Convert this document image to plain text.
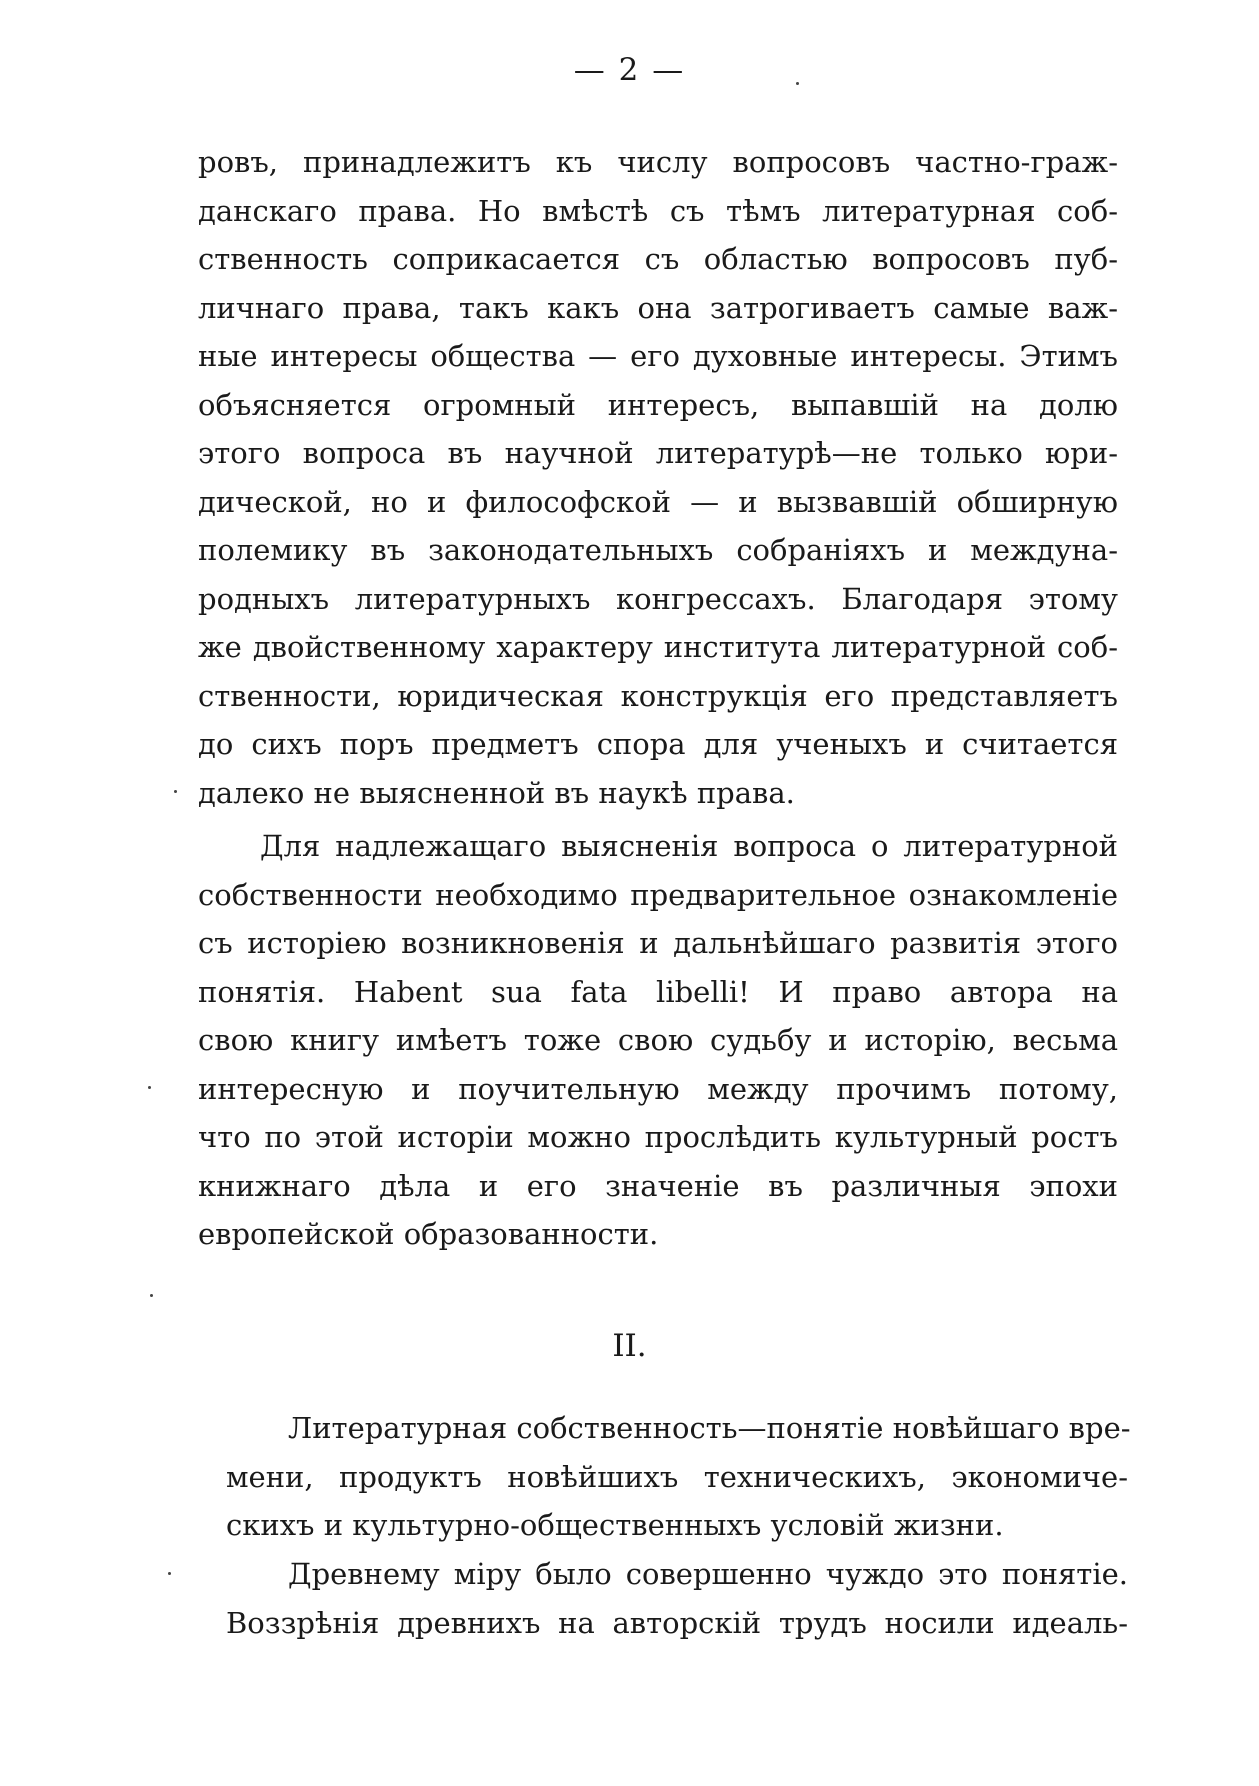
— 2 —
ровъ, принадлежитъ къ числу вопросовъ частно-граж-
данскаго права. Но вмѣстѣ съ тѣмъ литературная соб-
ственность соприкасается съ областью вопросовъ пуб-
личнаго права, такъ какъ она затрогиваетъ самые важ-
ные интересы общества — его духовные интересы. Этимъ
объясняется огромный интересъ, выпавшій на долю
этого вопроса въ научной литературѣ—не только юри-
дической, но и философской — и вызвавшій обширную
полемику въ законодательныхъ собраніяхъ и междуна-
родныхъ литературныхъ конгрессахъ. Благодаря этому
же двойственному характеру института литературной соб-
ственности, юридическая конструкція его представляетъ
до сихъ поръ предметъ спора для ученыхъ и считается
далеко не выясненной въ наукѣ права.
Для надлежащаго выясненія вопроса о литературной
собственности необходимо предварительное ознакомленіе
съ исторіею возникновенія и дальнѣйшаго развитія этого
понятія. Habent sua fata libelli! И право автора на
свою книгу имѣетъ тоже свою судьбу и исторію, весьма
интересную и поучительную между прочимъ потому,
что по этой исторіи можно прослѣдить культурный ростъ
книжнаго дѣла и его значеніе въ различныя эпохи
европейской образованности.
II.
Литературная собственность—понятіе новѣйшаго вре-
мени, продуктъ новѣйшихъ техническихъ, экономиче-
скихъ и культурно-общественныхъ условій жизни.
Древнему міру было совершенно чуждо это понятіе.
Воззрѣнія древнихъ на авторскій трудъ носили идеаль-
